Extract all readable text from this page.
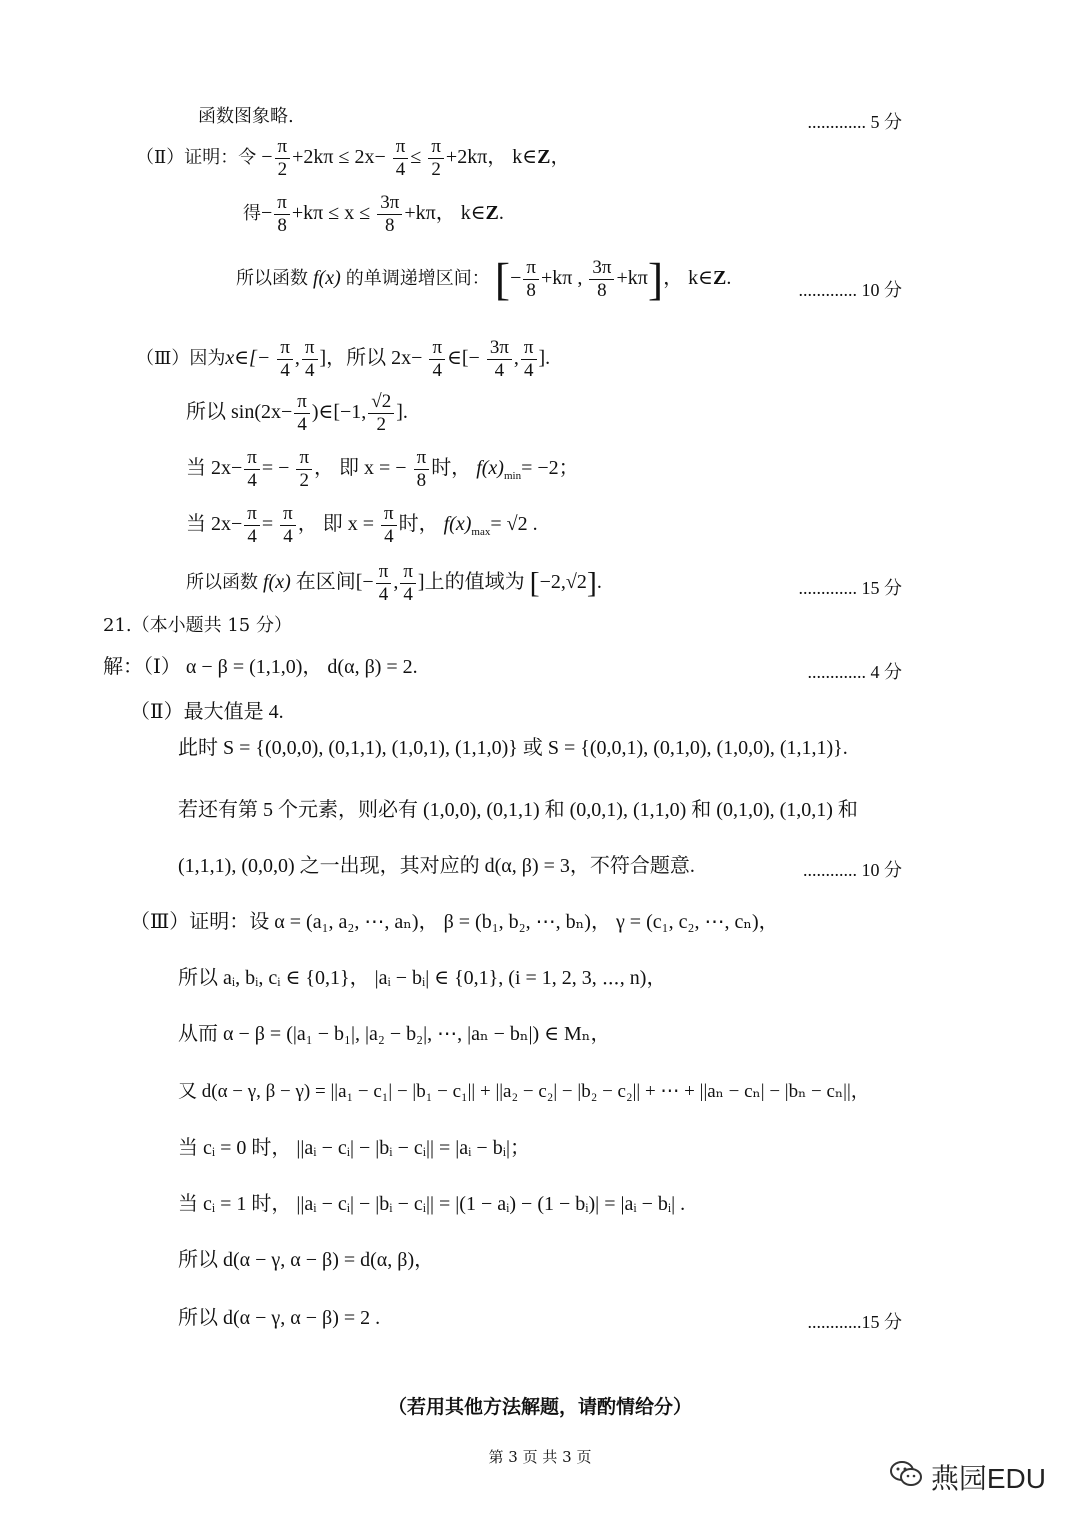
函数图象略.	............. 5 分
（Ⅱ）证明：令 − $\frac{\pi}{2} +2k\pi \le 2x- \frac{\pi}{4} \le \frac{\pi}{2} +2k\pi$， k∈Z，
得− $\frac{\pi}{8} +k\pi \le x \le \frac{3\pi}{8} +k\pi$， k∈Z.
所以函数 f(x) 的单调递增区间： [− $\frac{\pi}{8} +k\pi$ , $\frac{3\pi}{8} +k\pi$]， k∈Z.
............. 10 分
（Ⅲ）因为x∈[− $\frac{\pi}{4}$ , $\frac{\pi}{4}$ ]，所以 $2x- \frac{\pi}{4}$ ∈[− $\frac{3\pi}{4}$ , $\frac{\pi}{4}$ ].
所以 $\sin(2x- \frac{\pi}{4}$ )∈[−1, $\frac{√2}{2}$ ].
当 $2x- \frac{\pi}{4}$ = − $\frac{\pi}{2}$ ， 即 x = − $\frac{\pi}{8}$ 时， $f(x)_{min}= -2$；
当 $2x- \frac{\pi}{4} = \frac{\pi}{4}$ ， 即 $x = \frac{\pi}{4}$ 时， $f(x)_{max}= √2$ .
所以函数 f(x) 在区间[− $\frac{\pi}{4}$ , $\frac{\pi}{4}$ ]上的值域为 [−2,√2].	............. 15 分
21.（本小题共 15 分）
解：（Ⅰ） α − β = (1,1,0)， d(α, β) = 2.	............. 4 分
（Ⅱ）最大值是 4.
此时 S = {(0,0,0), (0,1,1), (1,0,1), (1,1,0)} 或 S = {(0,0,1), (0,1,0), (1,0,0), (1,1,1)}.
若还有第 5 个元素，则必有 (1,0,0), (0,1,1) 和 (0,0,1), (1,1,0) 和 (0,1,0), (1,0,1) 和
(1,1,1), (0,0,0) 之一出现，其对应的 d(α, β) = 3，不符合题意.	............ 10 分
（Ⅲ）证明：设 α = (a₁, a₂, ⋯, aₙ)， β = (b₁, b₂, ⋯, bₙ)， γ = (c₁, c₂, ⋯, cₙ)，
所以 aᵢ, bᵢ, cᵢ ∈ {0,1}， |aᵢ − bᵢ| ∈ {0,1}, (i = 1, 2, 3, ⋯, n)，
从而 α − β = (|a₁ − b₁|, |a₂ − b₂|, ⋯, |aₙ − bₙ|) ∈ Mₙ，
又 d(α − γ, β − γ) = ||a₁ − c₁| − |b₁ − c₁|| + ||a₂ − c₂| − |b₂ − c₂|| + ⋯ + ||aₙ − cₙ| − |bₙ − cₙ||，
当 cᵢ = 0 时， ||aᵢ − cᵢ| − |bᵢ − cᵢ|| = |aᵢ − bᵢ|；
当 cᵢ = 1 时， ||aᵢ − cᵢ| − |bᵢ − cᵢ|| = |(1 − aᵢ) − (1 − bᵢ)| = |aᵢ − bᵢ| .
所以 d(α − γ, α − β) = d(α, β)，
所以 d(α − γ, α − β) = 2 .	............15 分
（若用其他方法解题，请酌情给分）
第 3 页 共 3 页
燕园EDU
